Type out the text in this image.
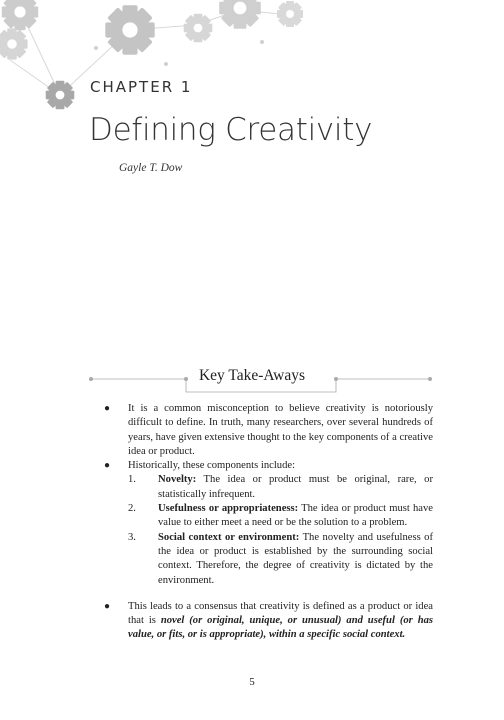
CHAPTER 1
Defining Creativity
Gayle T. Dow
Key Take-Aways
● It is a common misconception to believe creativity is notoriously difficult to define. In truth, many researchers, over several hundreds of years, have given extensive thought to the key components of a creative idea or product.
● Historically, these components include:
1. Novelty: The idea or product must be original, rare, or statistically infrequent.
2. Usefulness or appropriateness: The idea or product must have value to either meet a need or be the solution to a problem.
3. Social context or environment: The novelty and usefulness of the idea or product is established by the surrounding social context. Therefore, the degree of creativity is dictated by the environment.
● This leads to a consensus that creativity is defined as a product or idea that is novel (or original, unique, or unusual) and useful (or has value, or fits, or is appropriate), within a specific social context.
5
